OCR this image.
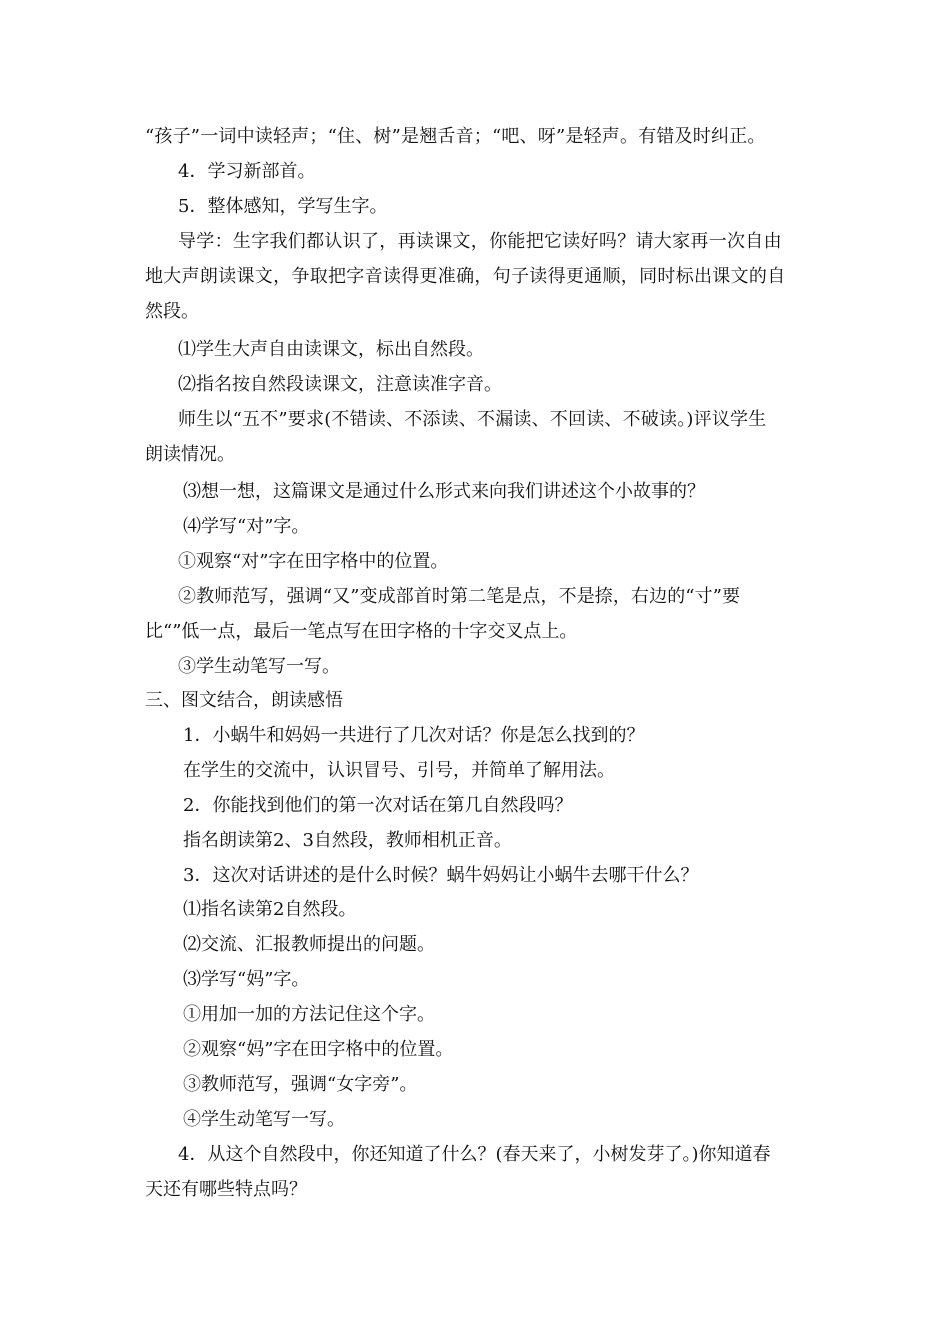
“孩子”一词中读轻声；“住、树”是翘舌音；“吧、呀”是轻声。有错及时纠正。
4．学习新部首。
5．整体感知，学写生字。
导学：生字我们都认识了，再读课文，你能把它读好吗？请大家再一次自由
地大声朗读课文，争取把字音读得更准确，句子读得更通顺，同时标出课文的自
然段。
⑴学生大声自由读课文，标出自然段。
⑵指名按自然段读课文，注意读准字音。
师生以“五不”要求(不错读、不添读、不漏读、不回读、不破读。)评议学生
朗读情况。
⑶想一想，这篇课文是通过什么形式来向我们讲述这个小故事的？
⑷学写“对”字。
①观察“对”字在田字格中的位置。
②教师范写，强调“又”变成部首时第二笔是点，不是捺，右边的“寸”要
比“”低一点，最后一笔点写在田字格的十字交叉点上。
③学生动笔写一写。
三、图文结合，朗读感悟
1．小蜗牛和妈妈一共进行了几次对话？你是怎么找到的？
在学生的交流中，认识冒号、引号，并简单了解用法。
2．你能找到他们的第一次对话在第几自然段吗？
指名朗读第2、3自然段，教师相机正音。
3．这次对话讲述的是什么时候？蜗牛妈妈让小蜗牛去哪干什么？
⑴指名读第2自然段。
⑵交流、汇报教师提出的问题。
⑶学写“妈”字。
①用加一加的方法记住这个字。
②观察“妈”字在田字格中的位置。
③教师范写，强调“女字旁”。
④学生动笔写一写。
4．从这个自然段中，你还知道了什么？(春天来了，小树发芽了。)你知道春
天还有哪些特点吗？
